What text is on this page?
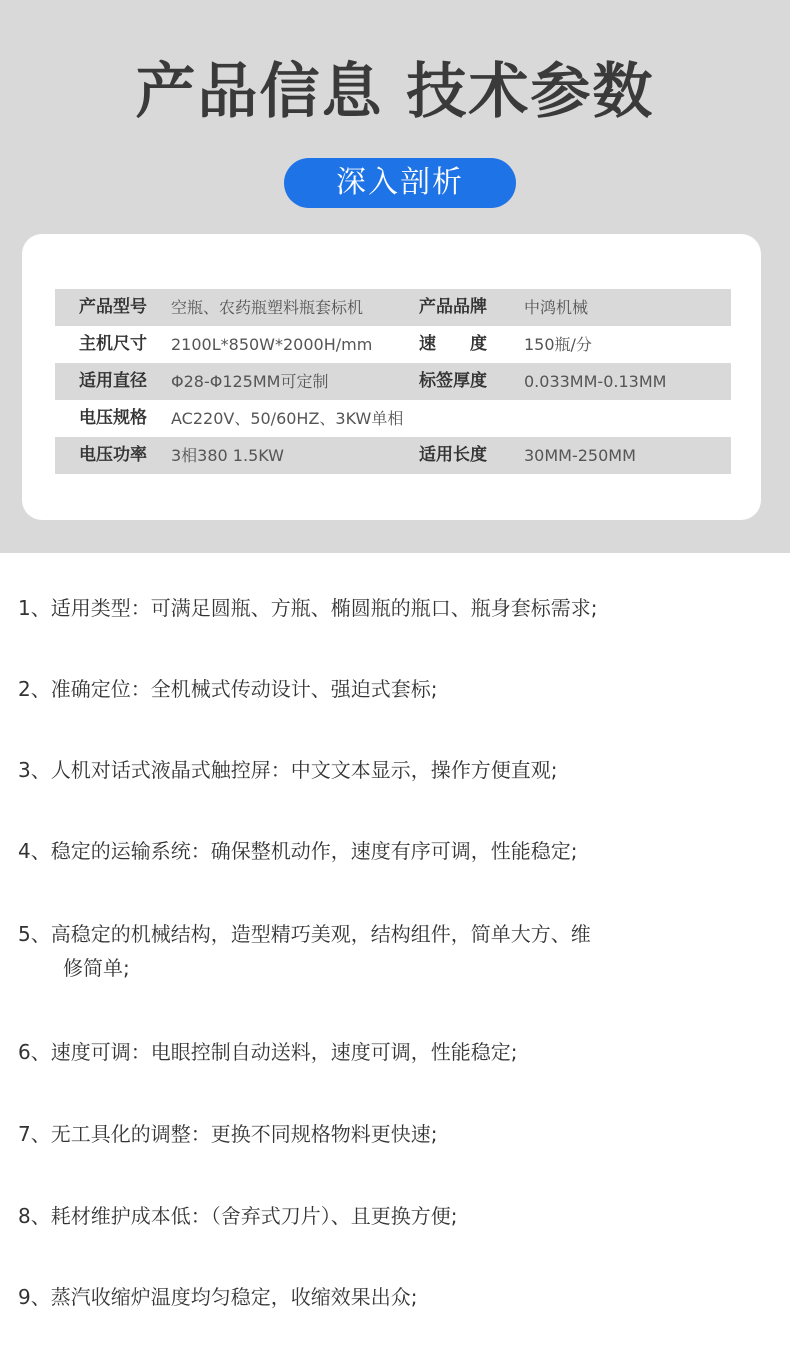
产品信息 技术参数
深入剖析
产品型号 空瓶、农药瓶塑料瓶套标机	产品品牌 中鸿机械
主机尺寸 2100L*850W*2000H/mm	速　　度 150瓶/分
适用直径 Φ28-Φ125MM可定制	标签厚度 0.033MM-0.13MM
电压规格 AC220V、50/60HZ、3KW单相
电压功率 3相380 1.5KW	适用长度 30MM-250MM
1、适用类型：可满足圆瓶、方瓶、椭圆瓶的瓶口、瓶身套标需求;
2、准确定位：全机械式传动设计、强迫式套标;
3、人机对话式液晶式触控屏：中文文本显示，操作方便直观;
4、稳定的运输系统：确保整机动作，速度有序可调，性能稳定;
5、高稳定的机械结构，造型精巧美观，结构组件，简单大方、维
修简单;
6、速度可调：电眼控制自动送料，速度可调，性能稳定;
7、无工具化的调整：更换不同规格物料更快速;
8、耗材维护成本低：（舍弃式刀片）、且更换方便;
9、蒸汽收缩炉温度均匀稳定，收缩效果出众;
